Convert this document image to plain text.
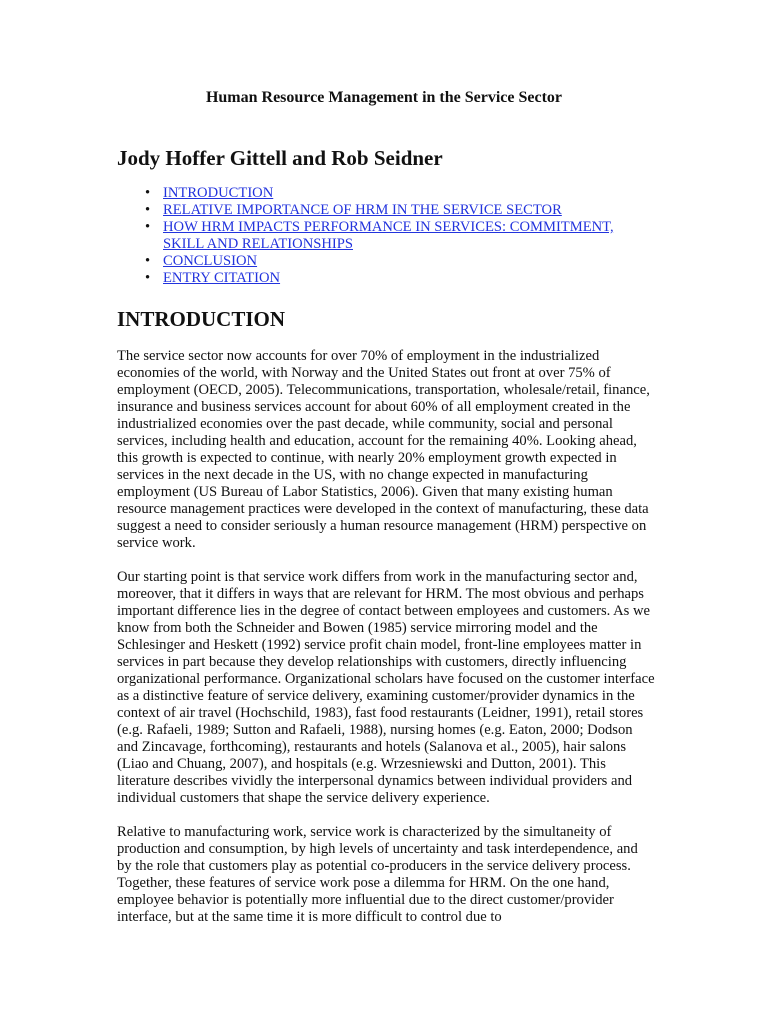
Human Resource Management in the Service Sector
Jody Hoffer Gittell and Rob Seidner
• INTRODUCTION
• RELATIVE IMPORTANCE OF HRM IN THE SERVICE SECTOR
• HOW HRM IMPACTS PERFORMANCE IN SERVICES: COMMITMENT, SKILL AND RELATIONSHIPS
• CONCLUSION
• ENTRY CITATION
INTRODUCTION

The service sector now accounts for over 70% of employment in the industrialized economies of the world, with Norway and the United States out front at over 75% of employment (OECD, 2005). Telecommunications, transportation, wholesale/retail, finance, insurance and business services account for about 60% of all employment created in the industrialized economies over the past decade, while community, social and personal services, including health and education, account for the remaining 40%. Looking ahead, this growth is expected to continue, with nearly 20% employment growth expected in services in the next decade in the US, with no change expected in manufacturing employment (US Bureau of Labor Statistics, 2006). Given that many existing human resource management practices were developed in the context of manufacturing, these data suggest a need to consider seriously a human resource management (HRM) perspective on service work.

Our starting point is that service work differs from work in the manufacturing sector and, moreover, that it differs in ways that are relevant for HRM. The most obvious and perhaps important difference lies in the degree of contact between employees and customers. As we know from both the Schneider and Bowen (1985) service mirroring model and the Schlesinger and Heskett (1992) service profit chain model, front-line employees matter in services in part because they develop relationships with customers, directly influencing organizational performance. Organizational scholars have focused on the customer interface as a distinctive feature of service delivery, examining customer/provider dynamics in the context of air travel (Hochschild, 1983), fast food restaurants (Leidner, 1991), retail stores (e.g. Rafaeli, 1989; Sutton and Rafaeli, 1988), nursing homes (e.g. Eaton, 2000; Dodson and Zincavage, forthcoming), restaurants and hotels (Salanova et al., 2005), hair salons (Liao and Chuang, 2007), and hospitals (e.g. Wrzesniewski and Dutton, 2001). This literature describes vividly the interpersonal dynamics between individual providers and individual customers that shape the service delivery experience.

Relative to manufacturing work, service work is characterized by the simultaneity of production and consumption, by high levels of uncertainty and task interdependence, and by the role that customers play as potential co-producers in the service delivery process. Together, these features of service work pose a dilemma for HRM. On the one hand, employee behavior is potentially more influential due to the direct customer/provider interface, but at the same time it is more difficult to control due to
